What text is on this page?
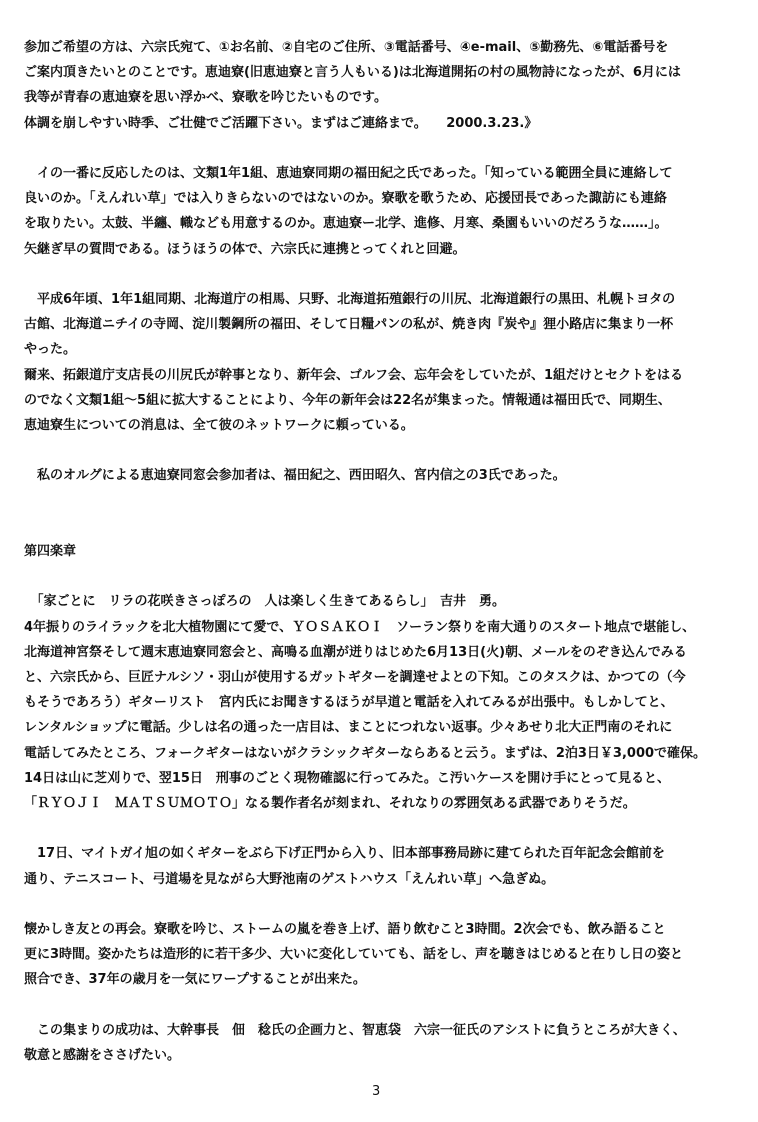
参加ご希望の方は、六宗氏宛て、①お名前、②自宅のご住所、③電話番号、④e-mail、⑤勤務先、⑥電話番号を
ご案内頂きたいとのことです。恵迪寮(旧恵迪寮と言う人もいる)は北海道開拓の村の風物詩になったが、6月には
我等が青春の恵迪寮を思い浮かべ、寮歌を吟じたいものです。
体調を崩しやすい時季、ご壮健でご活躍下さい。まずはご連絡まで。　　2000.3.23.》
　イの一番に反応したのは、文類1年1組、恵迪寮同期の福田紀之氏であった。「知っている範囲全員に連絡して
良いのか。「えんれい草」では入りきらないのではないのか。寮歌を歌うため、応援団長であった諏訪にも連絡
を取りたい。太鼓、半纏、幟なども用意するのか。恵迪寮ー北学、進修、月寒、桑園もいいのだろうな……」。
矢継ぎ早の質問である。ほうほうの体で、六宗氏に連携とってくれと回避。
　平成6年頃、1年1組同期、北海道庁の相馬、只野、北海道拓殖銀行の川尻、北海道銀行の黒田、札幌トヨタの
古館、北海道ニチイの寺岡、淀川製鋼所の福田、そして日糧パンの私が、焼き肉『炭や』狸小路店に集まり一杯
やった。
爾来、拓銀道庁支店長の川尻氏が幹事となり、新年会、ゴルフ会、忘年会をしていたが、1組だけとセクトをはる
のでなく文類1組～5組に拡大することにより、今年の新年会は22名が集まった。情報通は福田氏で、同期生、
恵迪寮生についての消息は、全て彼のネットワークに頼っている。
　私のオルグによる恵迪寮同窓会参加者は、福田紀之、西田昭久、宮内信之の3氏であった。
第四楽章
　「家ごとに　リラの花咲きさっぽろの　人は楽しく生きてあるらし」　吉井　勇。
4年振りのライラックを北大植物園にて愛で、ＹＯＳＡＫＯＩ　ソーラン祭りを南大通りのスタート地点で堪能し、
北海道神宮祭そして週末恵迪寮同窓会と、高鳴る血潮が迸りはじめた6月13日(火)朝、メールをのぞき込んでみる
と、六宗氏から、巨匠ナルシソ・羽山が使用するガットギターを調達せよとの下知。このタスクは、かつての（今
もそうであろう）ギターリスト　宮内氏にお聞きするほうが早道と電話を入れてみるが出張中。もしかしてと、
レンタルショップに電話。少しは名の通った一店目は、まことにつれない返事。少々あせり北大正門南のそれに
電話してみたところ、フォークギターはないがクラシックギターならあると云う。まずは、2泊3日￥3,000で確保。
14日は山に芝刈りで、翌15日　刑事のごとく現物確認に行ってみた。こ汚いケースを開け手にとって見ると、
「ＲＹＯＪＩ　ＭＡＴＳＵＭＯＴＯ」なる製作者名が刻まれ、それなりの雰囲気ある武器でありそうだ。
　17日、マイトガイ旭の如くギターをぶら下げ正門から入り、旧本部事務局跡に建てられた百年記念会館前を
通り、テニスコート、弓道場を見ながら大野池南のゲストハウス「えんれい草」へ急ぎぬ。
懐かしき友との再会。寮歌を吟じ、ストームの嵐を巻き上げ、語り飲むこと3時間。2次会でも、飲み語ること
更に3時間。姿かたちは造形的に若干多少、大いに変化していても、話をし、声を聴きはじめると在りし日の姿と
照合でき、37年の歳月を一気にワープすることが出来た。
　この集まりの成功は、大幹事長　佃　稔氏の企画力と、智恵袋　六宗一征氏のアシストに負うところが大きく、
敬意と感謝をささげたい。
3
